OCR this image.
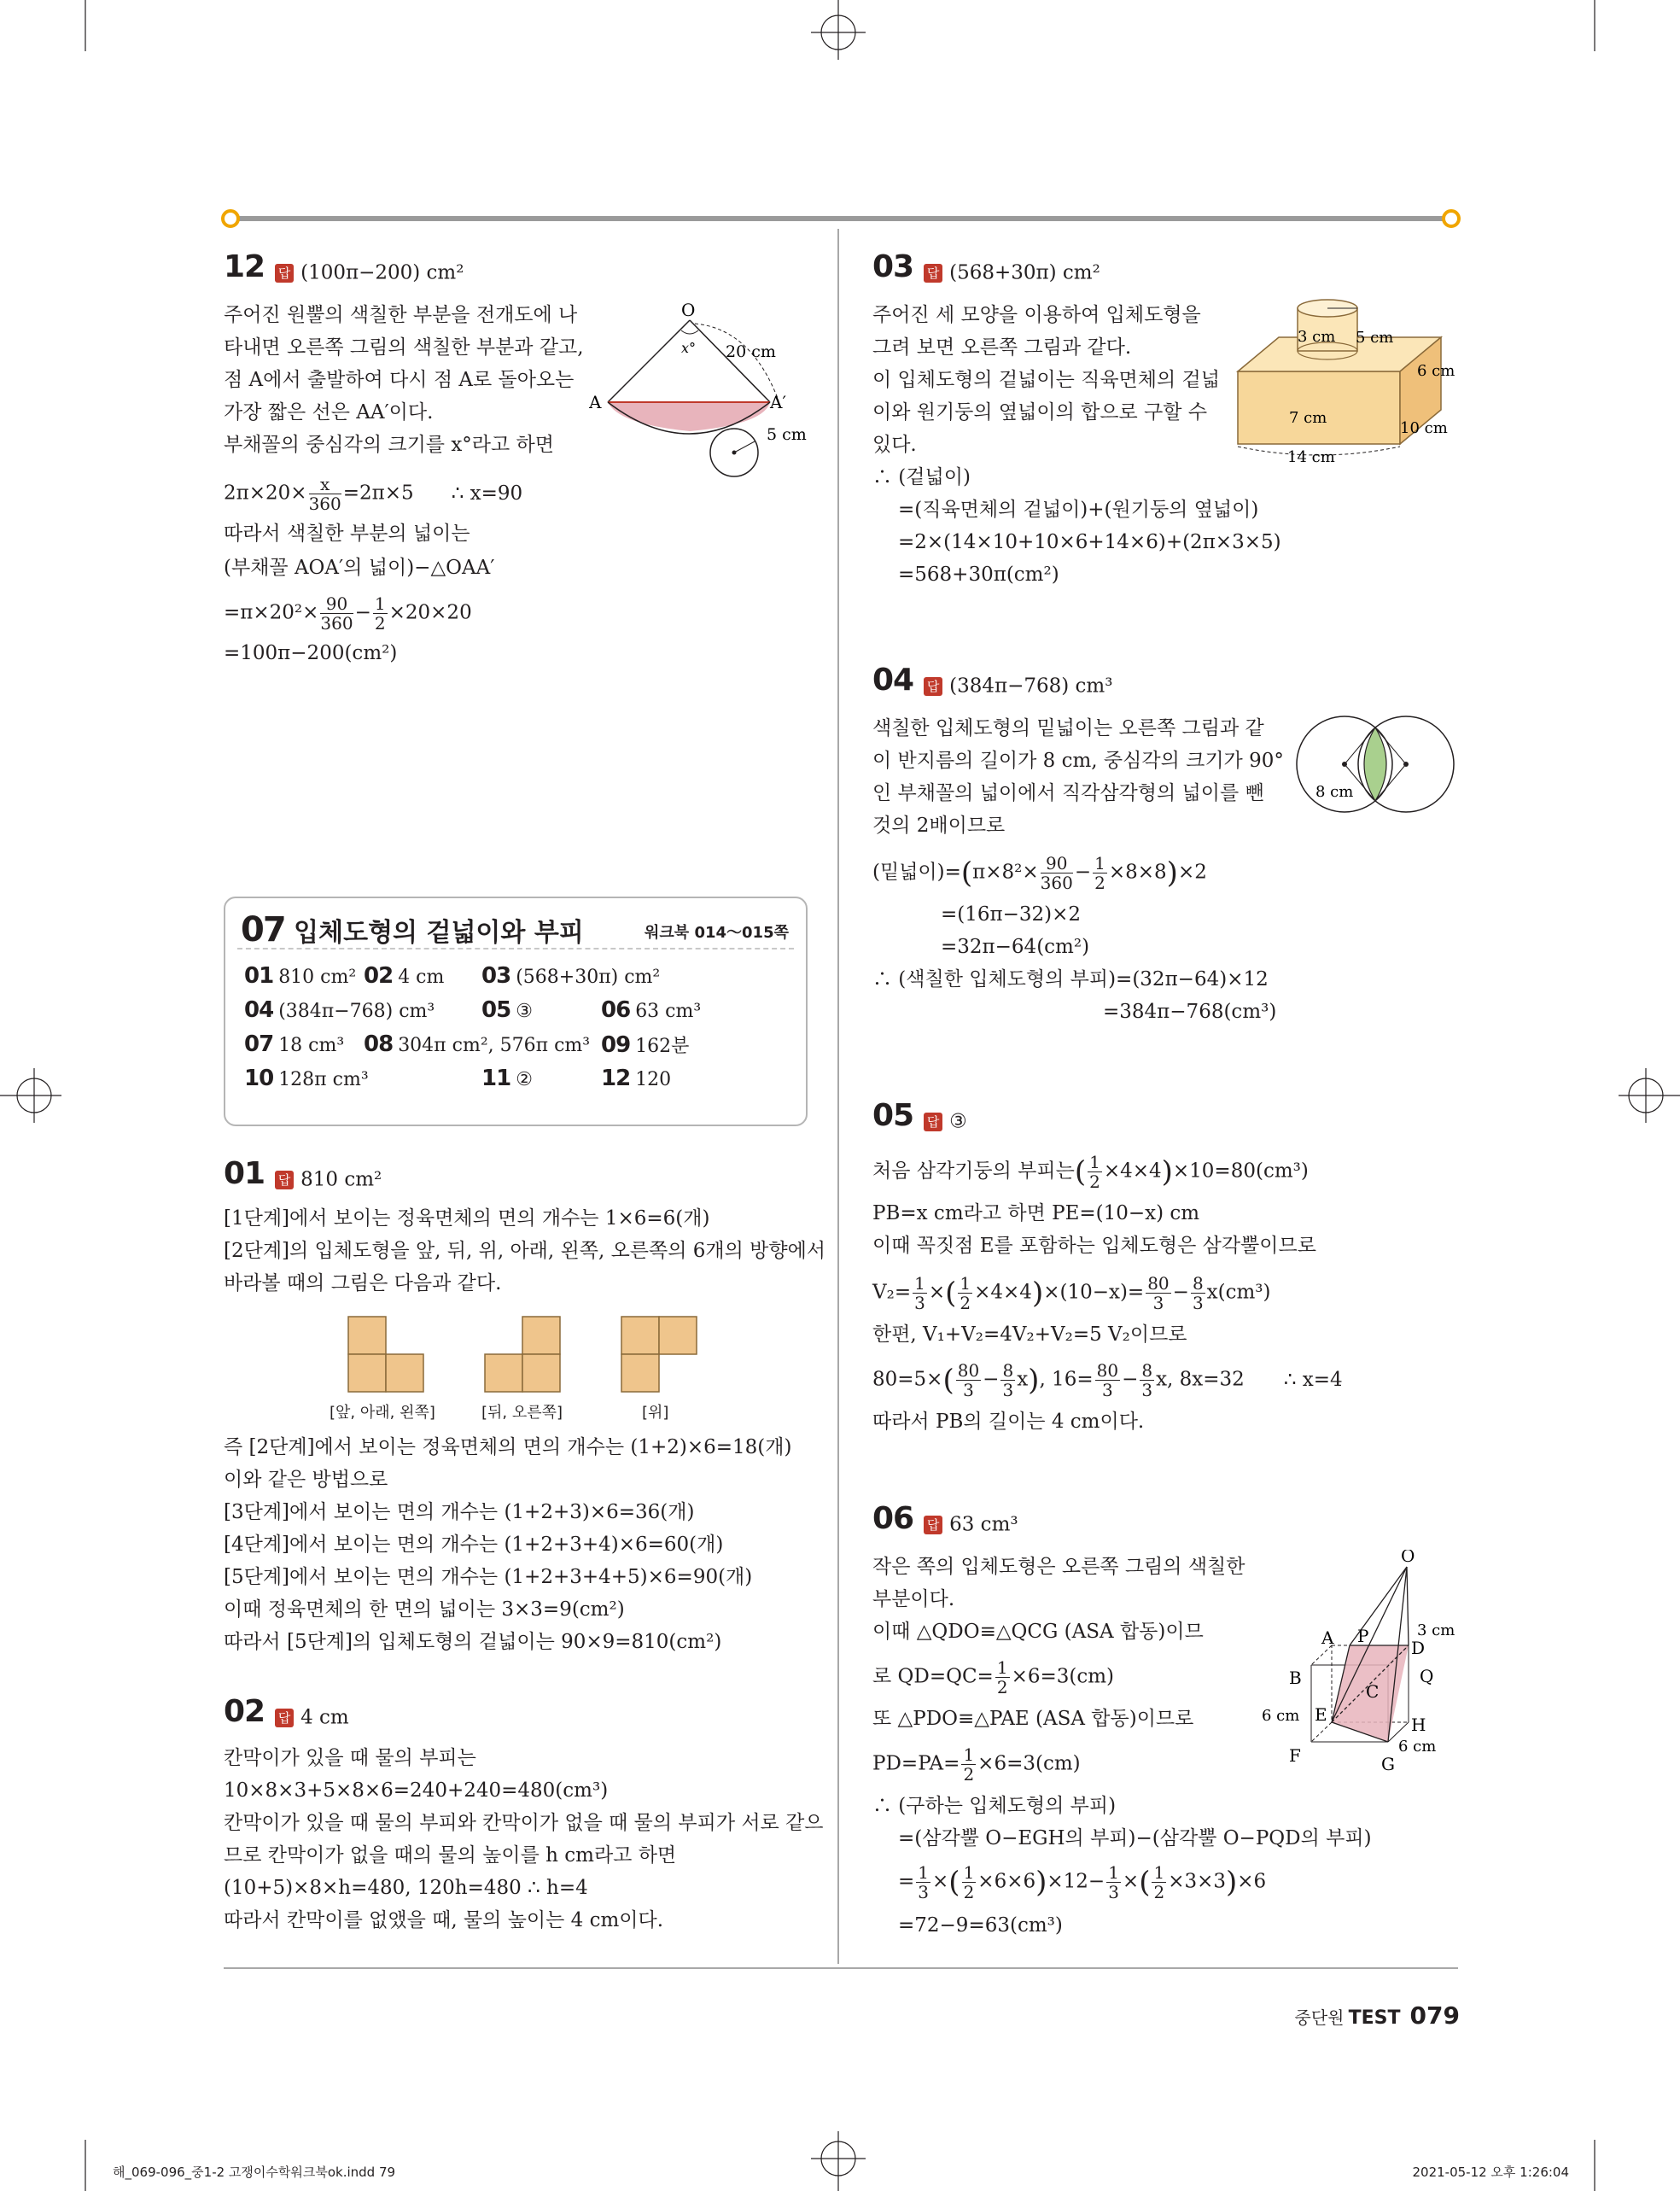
12 답 (100π−200) cm²
주어진 원뿔의 색칠한 부분을 전개도에 나
타내면 오른쪽 그림의 색칠한 부분과 같고,
점 A에서 출발하여 다시 점 A로 돌아오는
가장 짧은 선은 AA′이다.
부채꼴의 중심각의 크기를 x°라고 하면
$2\pi\times 20\times \frac{x}{360} =2\pi\times 5$ ∴ x=90
따라서 색칠한 부분의 넓이는
(부채꼴 AOA′의 넓이)−△OAA′
$=\pi\times 20^2\times \frac{90}{360} - \frac{1}{2} \times 20\times 20$
=100π−200(cm²)
O
x° 20 cm
A	A′
5 cm
07 입체도형의 겉넓이와 부피	워크북 014～015쪽
01 810 cm² 02 4 cm 03 (568+30π) cm²
04 (384π−768) cm³ 05 ③	06 63 cm³
07 18 cm³ 08 304π cm², 576π cm³ 09 162분
10 128π cm³	11 ②	12 120
01 답 810 cm²
[1단계]에서 보이는 정육면체의 면의 개수는 1×6=6(개)
[2단계]의 입체도형을 앞, 뒤, 위, 아래, 왼쪽, 오른쪽의 6개의 방향에서
바라볼 때의 그림은 다음과 같다.
[앞, 아래, 왼쪽]	[뒤, 오른쪽]	[위]
즉 [2단계]에서 보이는 정육면체의 면의 개수는 (1+2)×6=18(개)
이와 같은 방법으로
[3단계]에서 보이는 면의 개수는 (1+2+3)×6=36(개)
[4단계]에서 보이는 면의 개수는 (1+2+3+4)×6=60(개)
[5단계]에서 보이는 면의 개수는 (1+2+3+4+5)×6=90(개)
이때 정육면체의 한 면의 넓이는 3×3=9(cm²)
따라서 [5단계]의 입체도형의 겉넓이는 90×9=810(cm²)
02 답 4 cm
칸막이가 있을 때 물의 부피는
10×8×3+5×8×6=240+240=480(cm³)
칸막이가 있을 때 물의 부피와 칸막이가 없을 때 물의 부피가 서로 같으
므로 칸막이가 없을 때의 물의 높이를 h cm라고 하면
(10+5)×8×h=480, 120h=480 ∴ h=4
따라서 칸막이를 없앴을 때, 물의 높이는 4 cm이다.
03 답 (568+30π) cm²
주어진 세 모양을 이용하여 입체도형을
그려 보면 오른쪽 그림과 같다.
이 입체도형의 겉넓이는 직육면체의 겉넓
이와 원기둥의 옆넓이의 합으로 구할 수
있다.
∴ (겉넓이)
=(직육면체의 겉넓이)+(원기둥의 옆넓이)
=2×(14×10+10×6+14×6)+(2π×3×5)
=568+30π(cm²)
3 cm 5 cm
6 cm
7 cm
10 cm
14 cm
04 답 (384π−768) cm³
색칠한 입체도형의 밑넓이는 오른쪽 그림과 같
이 반지름의 길이가 8 cm, 중심각의 크기가 90°
인 부채꼴의 넓이에서 직각삼각형의 넓이를 뺀
것의 2배이므로
(밑넓이)$=(\pi\times 8^2\times \frac{90}{360} - \frac{1}{2} \times 8\times 8)\times 2$
=(16π−32)×2
=32π−64(cm²)
∴ (색칠한 입체도형의 부피)=(32π−64)×12
=384π−768(cm³)
8 cm
05 답 ③
처음 삼각기둥의 부피는( $\frac{1}{2} \times 4\times 4)\times 10=80(cm^3)$
PB=x cm라고 하면 PE=(10−x) cm
이때 꼭짓점 E를 포함하는 입체도형은 삼각뿔이므로
$V_2= \frac{1}{3}$ ×( $\frac{1}{2} \times 4\times 4)\times(10-x)= \frac{80}{3} - \frac{8}{3} x(cm^3)$
한편, V₁+V₂=4V₂+V₂=5 V₂이므로
$80=5\times( \frac{80}{3} - \frac{8}{3} x)$, $16= \frac{80}{3} - \frac{8}{3} x$, 8x=32 ∴ x=4
따라서 PB의 길이는 4 cm이다.
06 답 63 cm³
작은 쪽의 입체도형은 오른쪽 그림의 색칠한
부분이다.
이때 △QDO≡△QCG (ASA 합동)이므
로 $QD=QC= \frac{1}{2} \times 6=3(cm)$
또 △PDO≡△PAE (ASA 합동)이므로
$PD=PA= \frac{1}{2} \times 6=3(cm)$
∴ (구하는 입체도형의 부피)
=(삼각뿔 O−EGH의 부피)−(삼각뿔 O−PQD의 부피)
= $\frac{1}{3}$ ×( $\frac{1}{2} \times 6\times 6)\times 12- \frac{1}{3}$ ×( $\frac{1}{2} \times 3\times 3)\times 6$
=72−9=63(cm³)
O
A P	3 cm
D
B	Q
C
6 cm E	H
6 cm
F	G
중단원 TEST 079
해_069-096_중1-2 고쟁이수학워크북ok.indd 79	2021-05-12 오후 1:26:04
